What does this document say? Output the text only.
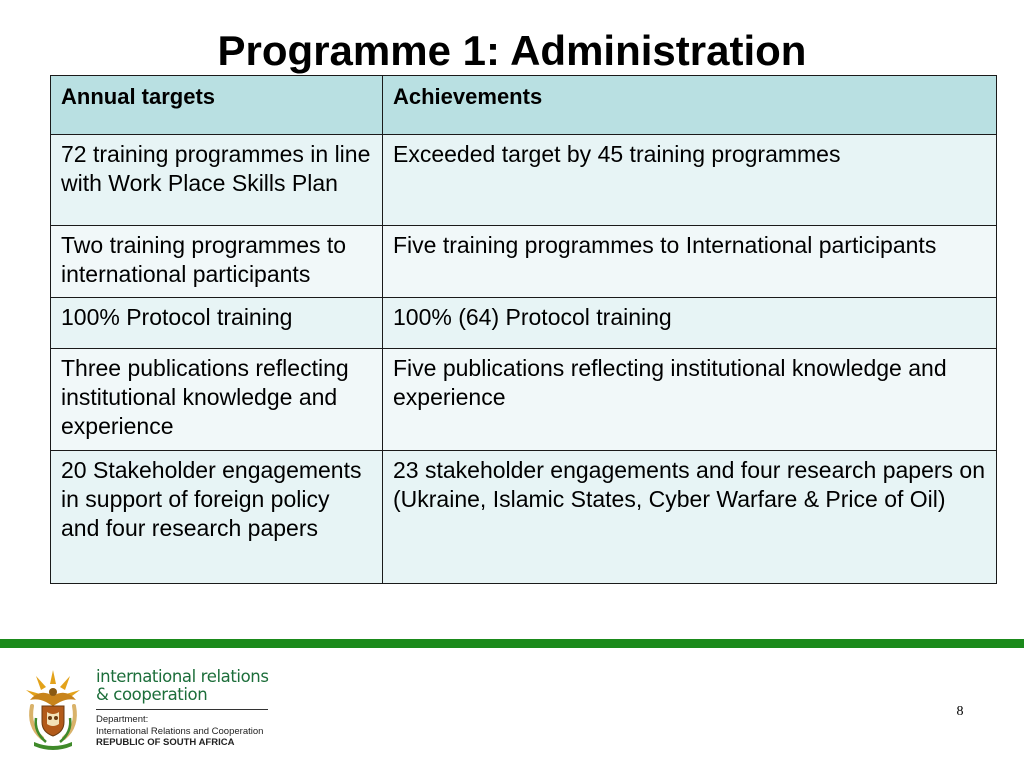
Programme 1: Administration
Annual targets	Achievements
72 training programmes in line with Work Place Skills Plan	Exceeded target by 45 training programmes
Two training programmes to international participants	Five training programmes to International participants
100% Protocol training	100% (64) Protocol training
Three publications reflecting institutional knowledge and experience	Five publications reflecting institutional knowledge and experience
20 Stakeholder engagements in support of foreign policy and four research papers	23 stakeholder engagements and four research papers on (Ukraine, Islamic States, Cyber Warfare & Price of Oil)
international relations
& cooperation
Department:
International Relations and Cooperation
REPUBLIC OF SOUTH AFRICA
8
